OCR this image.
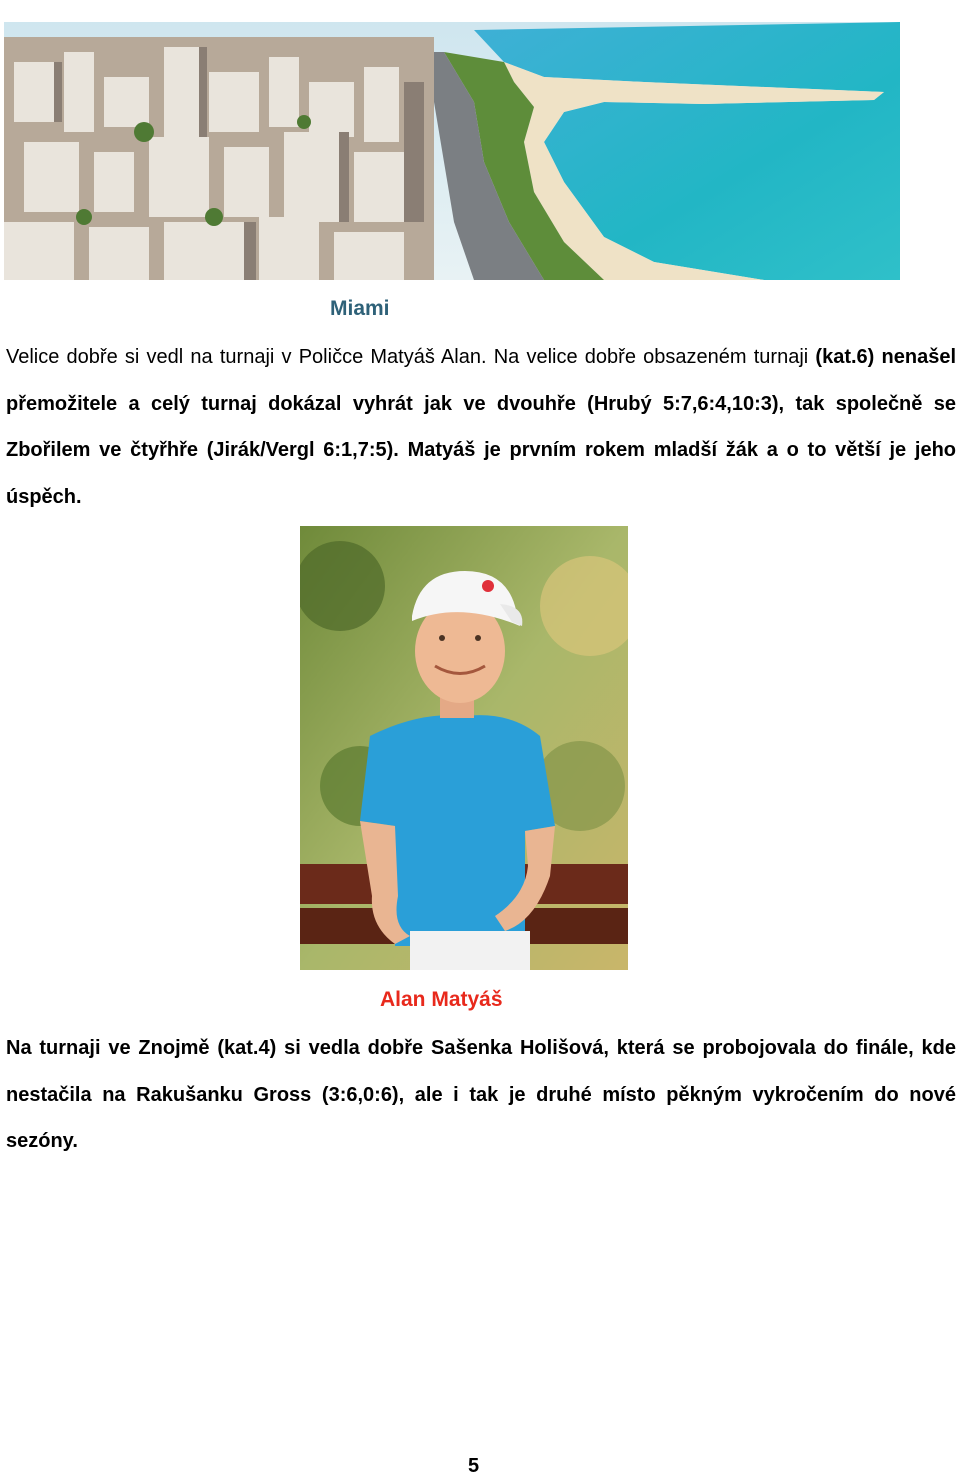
Miami

Velice dobře si vedl na turnaji v Poličce Matyáš Alan. Na velice dobře obsazeném turnaji (kat.6) nenašel přemožitele a celý turnaj dokázal vyhrát jak ve dvouhře (Hrubý 5:7,6:4,10:3), tak společně se Zbořilem ve čtyřhře (Jirák/Vergl 6:1,7:5). Matyáš je prvním rokem mladší žák a o to větší je jeho úspěch.

Alan Matyáš

Na turnaji ve Znojmě (kat.4) si vedla dobře Sašenka Holišová, která se probojovala do finále, kde nestačila na Rakušanku Gross (3:6,0:6), ale i tak je druhé místo pěkným vykročením do nové sezóny.

5
